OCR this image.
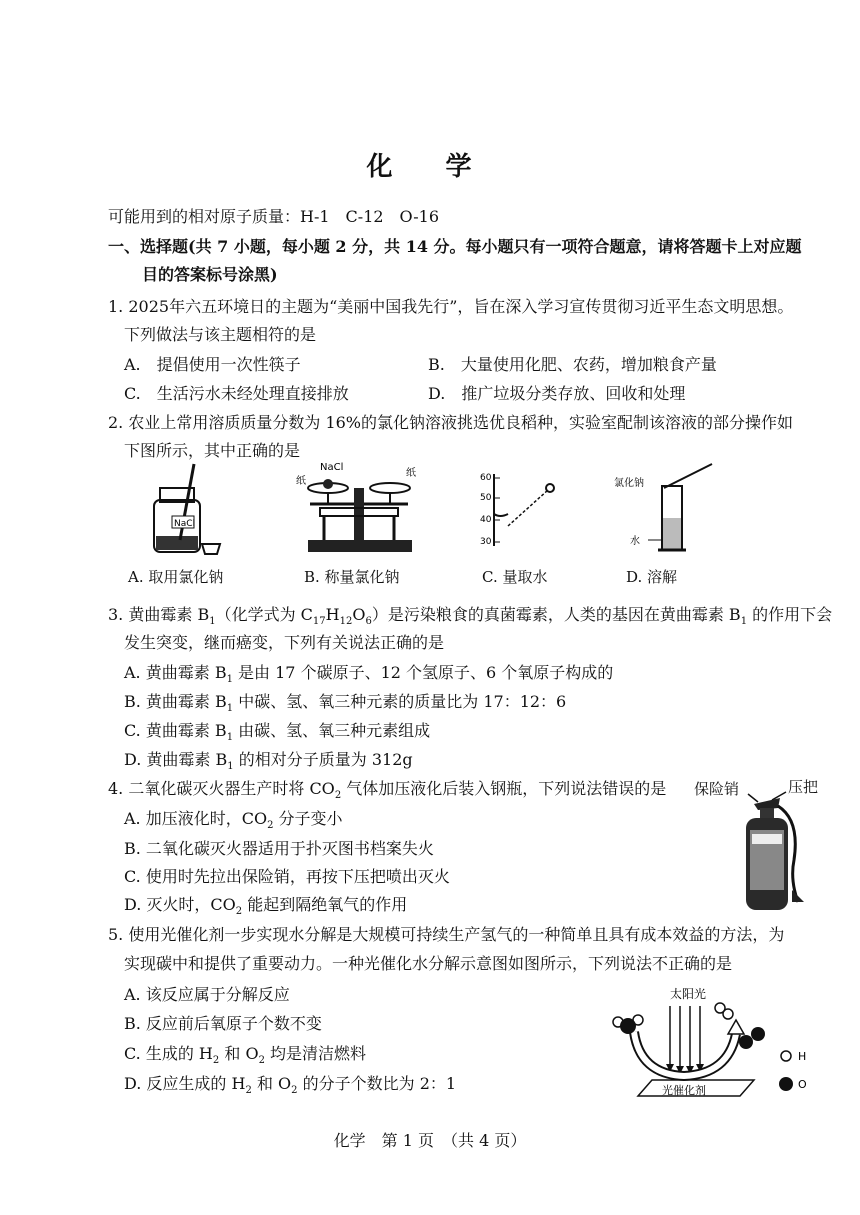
化 学
可能用到的相对原子质量：H-1　C-12　O-16
一、选择题(共 7 小题，每小题 2 分，共 14 分。每小题只有一项符合题意，请将答题卡上对应题
目的答案标号涂黑)
1. 2025年六五环境日的主题为“美丽中国我先行”，旨在深入学习宣传贯彻习近平生态文明思想。
下列做法与该主题相符的是
A.　提倡使用一次性筷子	B.　大量使用化肥、农药，增加粮食产量
C.　生活污水未经处理直接排放	D.　推广垃圾分类存放、回收和处理
2. 农业上常用溶质质量分数为 16%的氯化钠溶液挑选优良稻种，实验室配制该溶液的部分操作如
下图所示，其中正确的是
NaCl
NaCl
纸
纸	60
50
40
30
氯化钠
水
A. 取用氯化钠	B. 称量氯化钠	C. 量取水	D. 溶解
3. 黄曲霉素 $B_1$（化学式为 $C_{17}H_{12}O_6$）是污染粮食的真菌霉素，人类的基因在黄曲霉素 $B_1$ 的作用下会
发生突变，继而癌变，下列有关说法正确的是
A. 黄曲霉素 $B_1$ 是由 17 个碳原子、12 个氢原子、6 个氧原子构成的
B. 黄曲霉素 $B_1$ 中碳、氢、氧三种元素的质量比为 17：12：6
C. 黄曲霉素 $B_1$ 由碳、氢、氧三种元素组成
D. 黄曲霉素 $B_1$ 的相对分子质量为 312g
4. 二氧化碳灭火器生产时将 $CO_2$ 气体加压液化后装入钢瓶，下列说法错误的是
A. 加压液化时，$CO_2$ 分子变小
B. 二氧化碳灭火器适用于扑灭图书档案失火
C. 使用时先拉出保险销，再按下压把喷出灭火
D. 灭火时，$CO_2$ 能起到隔绝氧气的作用
保险销	压把
5. 使用光催化剂一步实现水分解是大规模可持续生产氢气的一种简单且具有成本效益的方法，为
实现碳中和提供了重要动力。一种光催化水分解示意图如图所示，下列说法不正确的是
A. 该反应属于分解反应
B. 反应前后氧原子个数不变
C. 生成的 $H_2$ 和 $O_2$ 均是清洁燃料
D. 反应生成的 $H_2$ 和 $O_2$ 的分子个数比为 2：1
太阳光
光催化剂
H
O
化学　第 1 页　（共 4 页）
